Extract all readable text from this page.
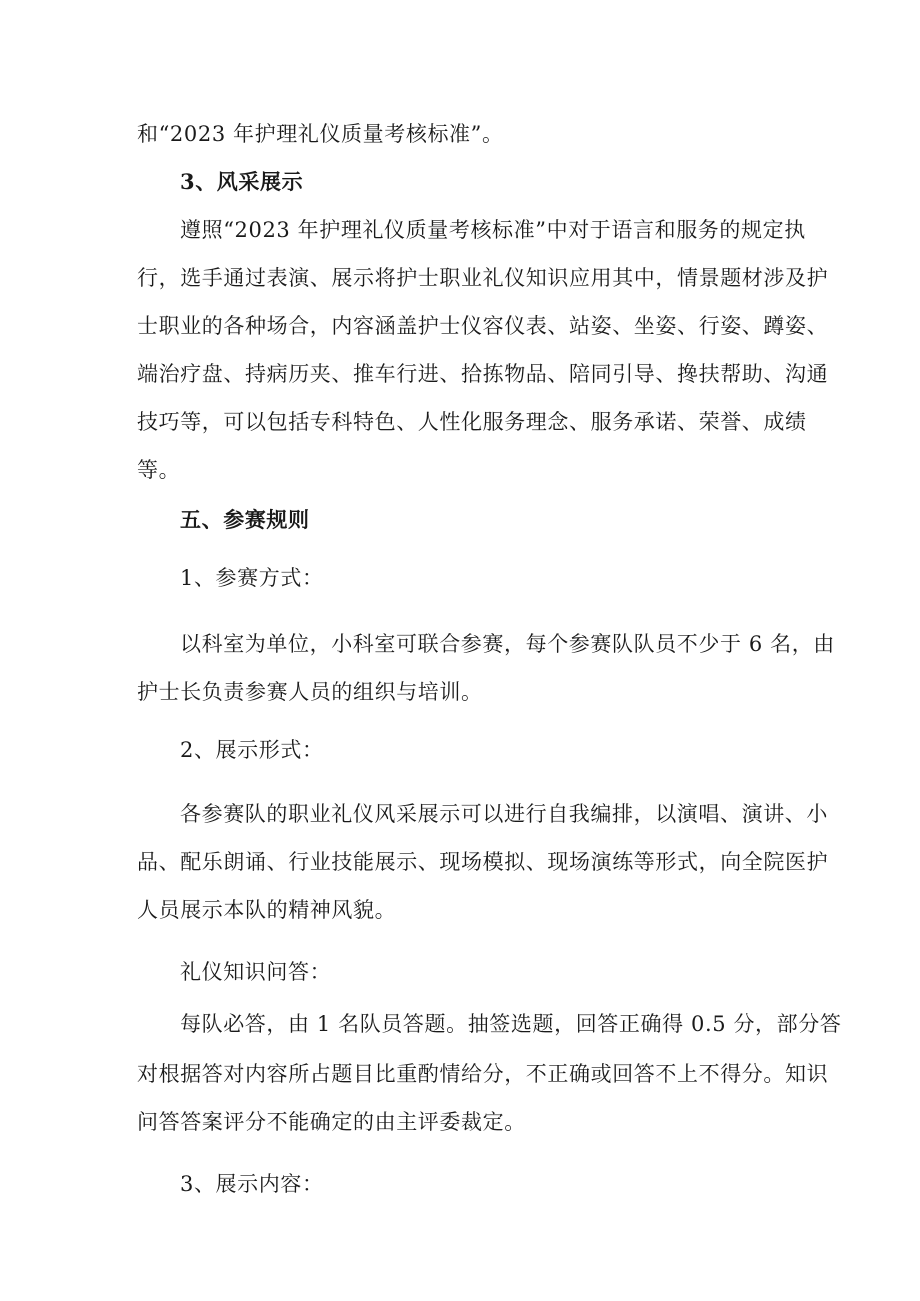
和“2023 年护理礼仪质量考核标准”。
3、风采展示
遵照“2023 年护理礼仪质量考核标准”中对于语言和服务的规定执
行，选手通过表演、展示将护士职业礼仪知识应用其中，情景题材涉及护
士职业的各种场合，内容涵盖护士仪容仪表、站姿、坐姿、行姿、蹲姿、
端治疗盘、持病历夹、推车行进、拾拣物品、陪同引导、搀扶帮助、沟通
技巧等，可以包括专科特色、人性化服务理念、服务承诺、荣誉、成绩
等。
五、参赛规则
1、参赛方式：
以科室为单位，小科室可联合参赛，每个参赛队队员不少于 6 名，由
护士长负责参赛人员的组织与培训。
2、展示形式：
各参赛队的职业礼仪风采展示可以进行自我编排，以演唱、演讲、小
品、配乐朗诵、行业技能展示、现场模拟、现场演练等形式，向全院医护
人员展示本队的精神风貌。
礼仪知识问答：
每队必答，由 1 名队员答题。抽签选题，回答正确得 0.5 分，部分答
对根据答对内容所占题目比重酌情给分，不正确或回答不上不得分。知识
问答答案评分不能确定的由主评委裁定。
3、展示内容：
